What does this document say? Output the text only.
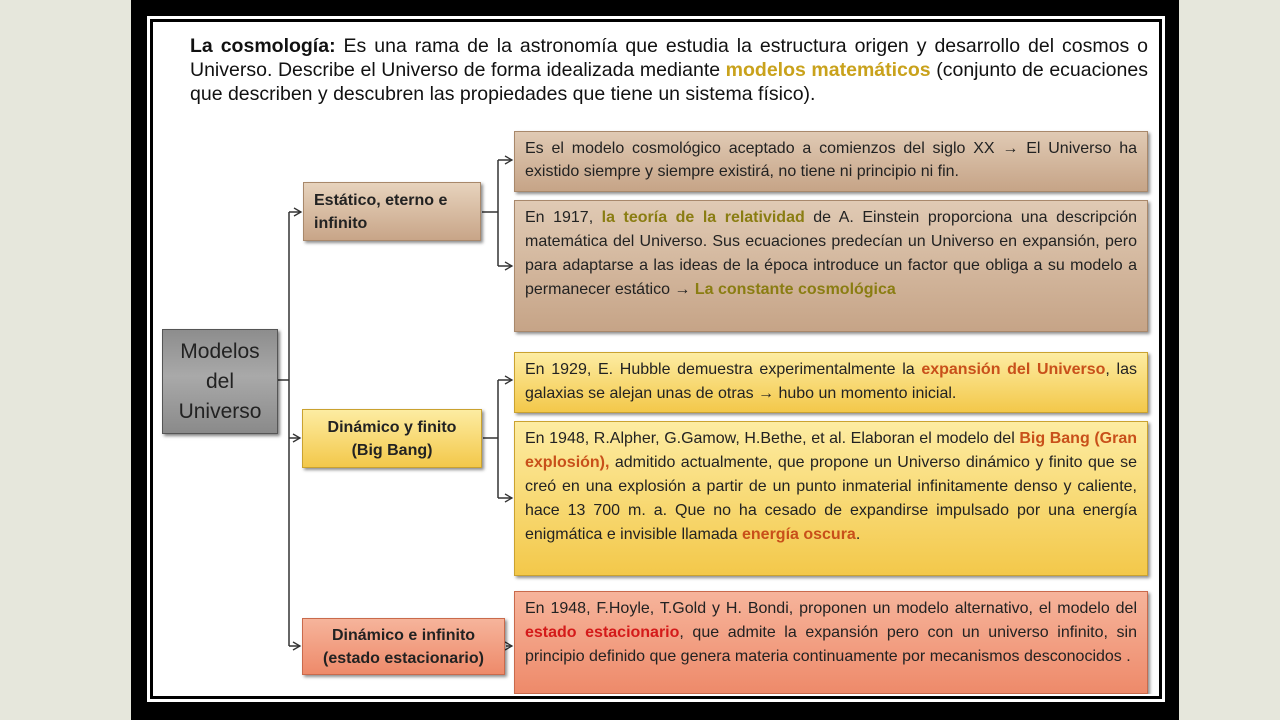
La cosmología: Es una rama de la astronomía que estudia la estructura origen y desarrollo del cosmos o Universo. Describe el Universo de forma idealizada mediante modelos matemáticos (conjunto de ecuaciones que describen y descubren las propiedades que tiene un sistema físico).
Modelos del Universo
Estático, eterno e infinito
Dinámico y finito
(Big Bang)
Dinámico e infinito
(estado estacionario)
Es el modelo cosmológico aceptado a comienzos del siglo XX → El Universo ha existido siempre y siempre existirá, no tiene ni principio ni fin.
En 1917, la teoría de la relatividad de A. Einstein proporciona una descripción matemática del Universo. Sus ecuaciones predecían un Universo en expansión, pero para adaptarse a las ideas de la época introduce un factor que obliga a su modelo a permanecer estático → La constante cosmológica
En 1929, E. Hubble demuestra experimentalmente la expansión del Universo, las galaxias se alejan unas de otras → hubo un momento inicial.
En 1948, R.Alpher, G.Gamow, H.Bethe, et al. Elaboran el modelo del Big Bang (Gran explosión), admitido actualmente, que propone un Universo dinámico y finito que se creó en una explosión a partir de un punto inmaterial infinitamente denso y caliente, hace 13 700 m. a. Que no ha cesado de expandirse impulsado por una energía enigmática e invisible llamada energía oscura.
En 1948, F.Hoyle, T.Gold y H. Bondi, proponen un modelo alternativo, el modelo del estado estacionario, que admite la expansión pero con un universo infinito, sin principio definido que genera materia continuamente por mecanismos desconocidos .
